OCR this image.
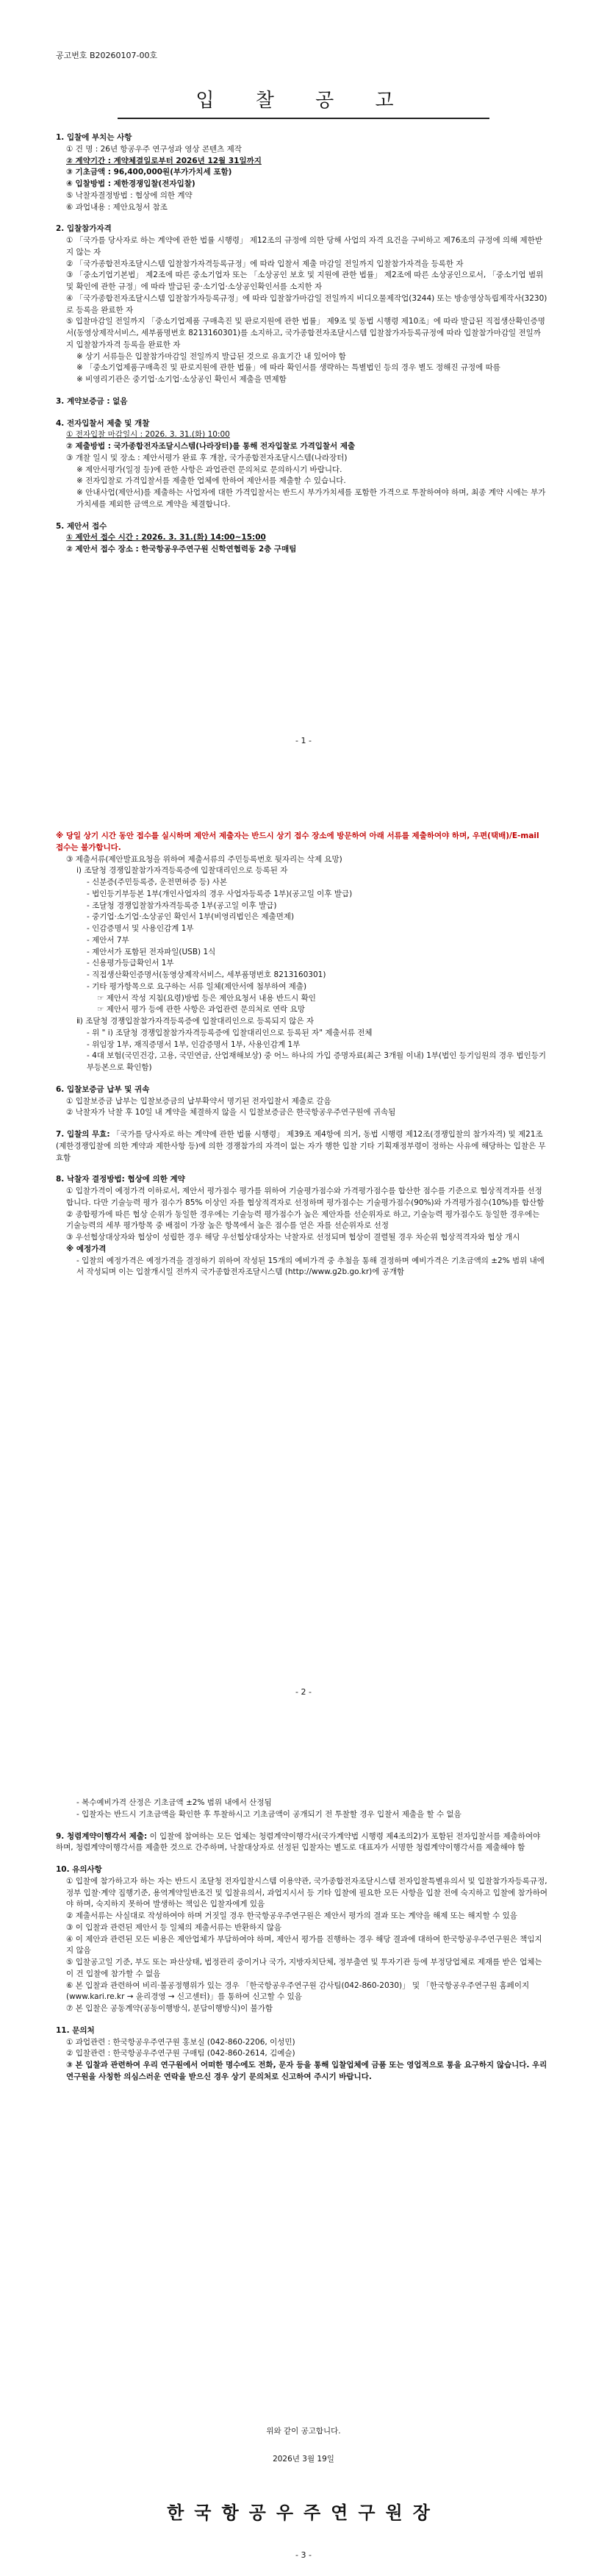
공고번호 B20260107-00호
입 찰 공 고

1. 입찰에 부치는 사항

① 건 명 : 26년 항공우주 연구성과 영상 콘텐츠 제작

② 계약기간 : 계약체결일로부터 2026년 12월 31일까지

③ 기초금액 : 96,400,000원(부가가치세 포함)

④ 입찰방법 : 제한경쟁입찰(전자입찰)

⑤ 낙찰자결정방법 : 협상에 의한 계약

⑥ 과업내용 : 제안요청서 참조

2. 입찰참가자격

① 「국가를 당사자로 하는 계약에 관한 법률 시행령」 제12조의 규정에 의한 당해 사업의 자격 요건을 구비하고 제76조의 규정에 의해 제한받지 않는 자

② 「국가종합전자조달시스템 입찰참가자격등록규정」에 따라 입찰서 제출 마감일 전일까지 입찰참가자격을 등록한 자

③ 「중소기업기본법」 제2조에 따른 중소기업자 또는 「소상공인 보호 및 지원에 관한 법률」 제2조에 따른 소상공인으로서, 「중소기업 범위 및 확인에 관한 규정」에 따라 발급된 중·소기업·소상공인확인서를 소지한 자

④ 「국가종합전자조달시스템 입찰참가자등록규정」에 따라 입찰참가마감일 전일까지 비디오물제작업(3244) 또는 방송영상독립제작사(3230)로 등록을 완료한 자

⑤ 입찰마감일 전일까지 「중소기업제품 구매촉진 및 판로지원에 관한 법률」 제9조 및 동법 시행령 제10조」에 따라 발급된 직접생산확인증명서(동영상제작서비스, 세부품명번호 8213160301)를 소지하고, 국가종합전자조달시스템 입찰참가자등록규정에 따라 입찰참가마감일 전일까지 입찰참가자격 등록을 완료한 자

※ 상기 서류들은 입찰참가마감일 전일까지 발급된 것으로 유효기간 내 있어야 함

※ 「중소기업제품구매촉진 및 판로지원에 관한 법률」에 따라 확인서를 생략하는 특별법인 등의 경우 별도 정해진 규정에 따름

※ 비영리기관은 중기업·소기업·소상공인 확인서 제출을 면제함

3. 계약보증금 : 없음

4. 전자입찰서 제출 및 개찰

① 전자입찰 마감일시 : 2026. 3. 31.(화) 10:00

② 제출방법 : 국가종합전자조달시스템(나라장터)를 통해 전자입찰로 가격입찰서 제출

③ 개찰 일시 및 장소 : 제안서평가 완료 후 개찰, 국가종합전자조달시스템(나라장터)

※ 제안서평가(일정 등)에 관한 사항은 과업관련 문의처로 문의하시기 바랍니다.

※ 전자입찰로 가격입찰서를 제출한 업체에 한하여 제안서를 제출할 수 있습니다.

※ 안내사업(제안서)를 제출하는 사업자에 대한 가격입찰서는 반드시 부가가치세를 포함한 가격으로 투찰하여야 하며, 최종 계약 시에는 부가가치세를 제외한 금액으로 계약을 체결합니다.

5. 제안서 접수

① 제안서 접수 시간 : 2026. 3. 31.(화) 14:00~15:00

② 제안서 접수 장소 : 한국항공우주연구원 신학연협력동 2층 구매팀

- 1 -

※ 당일 상기 시간 동안 접수를 실시하며 제안서 제출자는 반드시 상기 접수 장소에 방문하여 아래 서류를 제출하여야 하며, 우편(택배)/E-mail 접수는 불가합니다.

③ 제출서류(제안발표요청을 위하여 제출서류의 주민등록번호 뒷자리는 삭제 요망)

ⅰ) 조달청 경쟁입찰참가자격등록증에 입찰대리인으로 등록된 자

- 신분증(주민등록증, 운전면허증 등) 사본

- 법인등기부등본 1부(개인사업자의 경우 사업자등록증 1부)(공고일 이후 발급)

- 조달청 경쟁입찰참가자격등록증 1부(공고일 이후 발급)

- 중기업·소기업·소상공인 확인서 1부(비영리법인은 제출면제)

- 인감증명서 및 사용인감계 1부

- 제안서 7부

- 제안서가 포함된 전자파일(USB) 1식

- 신용평가등급확인서 1부

- 직접생산확인증명서(동영상제작서비스, 세부품명번호 8213160301)

- 기타 평가항목으로 요구하는 서류 일체(제안서에 첨부하여 제출)

☞ 제안서 작성 지침(요령)방법 등은 제안요청서 내용 반드시 확인

☞ 제안서 평가 등에 관한 사항은 과업관련 문의처로 연락 요망

ⅱ) 조달청 경쟁입찰참가자격등록증에 입찰대리인으로 등록되지 않은 자

- 위 " ⅰ) 조달청 경쟁입찰참가자격등록증에 입찰대리인으로 등록된 자" 제출서류 전체

- 위임장 1부, 재직증명서 1부, 인감증명서 1부, 사용인감계 1부

- 4대 보험(국민건강, 고용, 국민연금, 산업재해보상) 중 어느 하나의 가입 증명자료(최근 3개월 이내) 1부(법인 등기임원의 경우 법인등기부등본으로 확인함)

6. 입찰보증금 납부 및 귀속

① 입찰보증금 납부는 입찰보증금의 납부확약서 명기된 전자입찰서 제출로 갈음

② 낙찰자가 낙찰 후 10일 내 계약을 체결하지 않을 시 입찰보증금은 한국항공우주연구원에 귀속됨

7. 입찰의 무효: 「국가를 당사자로 하는 계약에 관한 법률 시행령」 제39조 제4항에 의거, 동법 시행령 제12조(경쟁입찰의 참가자격) 및 제21조(제한경쟁입찰에 의한 계약과 제한사항 등)에 의한 경쟁참가의 자격이 없는 자가 행한 입찰 기타 기획재정부령이 정하는 사유에 해당하는 입찰은 무효함

8. 낙찰자 결정방법: 협상에 의한 계약

① 입찰가격이 예정가격 이하로서, 제안서 평가점수 평가를 위하여 기술평가점수와 가격평가점수를 합산한 점수를 기준으로 협상적격자를 선정합니다. 다만 기술능력 평가 점수가 85% 이상인 자를 협상적격자로 선정하며 평가점수는 기술평가점수(90%)와 가격평가점수(10%)를 합산함

② 종합평가에 따른 협상 순위가 동일한 경우에는 기술능력 평가점수가 높은 제안자를 선순위자로 하고, 기술능력 평가점수도 동일한 경우에는 기술능력의 세부 평가항목 중 배점이 가장 높은 항목에서 높은 점수를 얻은 자를 선순위자로 선정

③ 우선협상대상자와 협상이 성립한 경우 해당 우선협상대상자는 낙찰자로 선정되며 협상이 결렬될 경우 차순위 협상적격자와 협상 개시

※ 예정가격

- 입찰의 예정가격은 예정가격을 결정하기 위하여 작성된 15개의 예비가격 중 추첨을 통해 결정하며 예비가격은 기초금액의 ±2% 범위 내에서 작성되며 이는 입찰개시일 전까지 국가종합전자조달시스템 (http://www.g2b.go.kr)에 공개함

- 2 -

- 복수예비가격 산정은 기초금액 ±2% 범위 내에서 산정됨

- 입찰자는 반드시 기초금액을 확인한 후 투찰하시고 기초금액이 공개되기 전 투찰할 경우 입찰서 제출을 할 수 없음

9. 청렴계약이행각서 제출: 이 입찰에 참여하는 모든 업체는 청렴계약이행각서(국가계약법 시행령 제4조의2)가 포함된 전자입찰서를 제출하여야 하며, 청렴계약이행각서를 제출한 것으로 간주하며, 낙찰대상자로 선정된 입찰자는 별도로 대표자가 서명한 청렴계약이행각서를 제출해야 함

10. 유의사항

① 입찰에 참가하고자 하는 자는 반드시 조달청 전자입찰시스템 이용약관, 국가종합전자조달시스템 전자입찰특별유의서 및 입찰참가자등록규정, 정부 입찰·계약 집행기준, 용역계약일반조건 및 입찰유의서, 과업지시서 등 기타 입찰에 필요한 모든 사항을 입찰 전에 숙지하고 입찰에 참가하여야 하며, 숙지하지 못하여 발생하는 책임은 입찰자에게 있음

② 제출서류는 사실대로 작성하여야 하며 거짓일 경우 한국항공우주연구원은 제안서 평가의 결과 또는 계약을 해제 또는 해지할 수 있음

③ 이 입찰과 관련된 제안서 등 일체의 제출서류는 반환하지 않음

④ 이 제안과 관련된 모든 비용은 제안업체가 부담하여야 하며, 제안서 평가를 진행하는 경우 해당 결과에 대하여 한국항공우주연구원은 책임지지 않음

⑤ 입찰공고일 기준, 부도 또는 파산상태, 법정관리 중이거나 국가, 지방자치단체, 정부출연 및 투자기관 등에 부정당업체로 제재를 받은 업체는 이 건 입찰에 참가할 수 없음

⑥ 본 입찰과 관련하여 비리·불공정행위가 있는 경우 「한국항공우주연구원 감사팀(042-860-2030)」 및 「한국항공우주연구원 홈페이지(www.kari.re.kr → 윤리경영 → 신고센터)」를 통하여 신고할 수 있음

⑦ 본 입찰은 공동계약(공동이행방식, 분담이행방식)이 불가함

11. 문의처

① 과업관련 : 한국항공우주연구원 홍보실 (042-860-2206, 이성민)

② 입찰관련 : 한국항공우주연구원 구매팀 (042-860-2614, 김예슬)

③ 본 입찰과 관련하여 우리 연구원에서 어떠한 명수에도 전화, 문자 등을 통해 입찰업체에 금품 또는 영업적으로 통을 요구하지 않습니다. 우리 연구원을 사칭한 의심스러운 연락을 받으신 경우 상기 문의처로 신고하여 주시기 바랍니다.

위와 같이 공고합니다.
2026년 3월 19일
한국항공우주연구원장
- 3 -
